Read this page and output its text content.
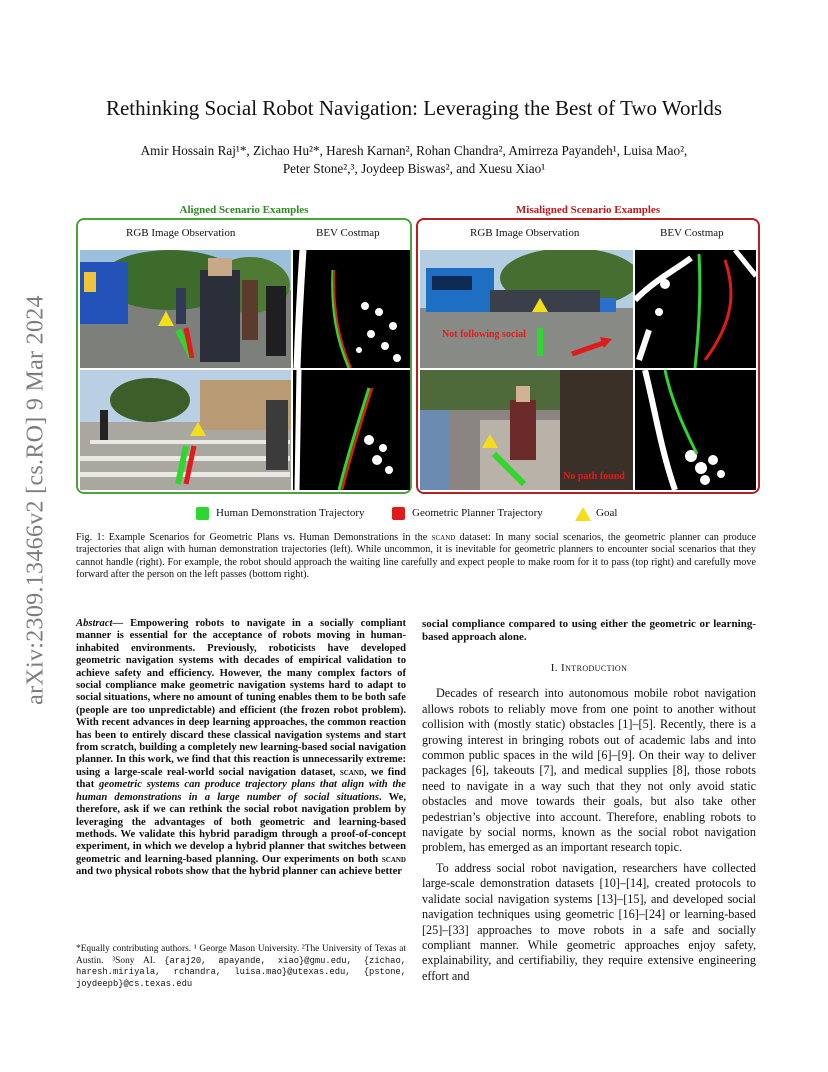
arXiv:2309.13466v2 [cs.RO] 9 Mar 2024
Rethinking Social Robot Navigation: Leveraging the Best of Two Worlds
Amir Hossain Raj¹*, Zichao Hu²*, Haresh Karnan², Rohan Chandra², Amirreza Payandeh¹, Luisa Mao²,
Peter Stone²,³, Joydeep Biswas², and Xuesu Xiao¹
Aligned Scenario Examples	Misaligned Scenario Examples
RGB Image Observation	BEV Costmap	RGB Image Observation	BEV Costmap
Not following social
No path found
Human Demonstration Trajectory	Geometric Planner Trajectory	Goal
Fig. 1: Example Scenarios for Geometric Plans vs. Human Demonstrations in the scand dataset: In many social scenarios, the geometric planner can produce trajectories that align with human demonstration trajectories (left). While uncommon, it is inevitable for geometric planners to encounter social scenarios that they cannot handle (right). For example, the robot should approach the waiting line carefully and expect people to make room for it to pass (top right) and carefully move forward after the person on the left passes (bottom right).
Abstract— Empowering robots to navigate in a socially compliant manner is essential for the acceptance of robots moving in human-inhabited environments. Previously, roboticists have developed geometric navigation systems with decades of empirical validation to achieve safety and efficiency. However, the many complex factors of social compliance make geometric navigation systems hard to adapt to social situations, where no amount of tuning enables them to be both safe (people are too unpredictable) and efficient (the frozen robot problem). With recent advances in deep learning approaches, the common reaction has been to entirely discard these classical navigation systems and start from scratch, building a completely new learning-based social navigation planner. In this work, we find that this reaction is unnecessarily extreme: using a large-scale real-world social navigation dataset, scand, we find that geometric systems can produce trajectory plans that align with the human demonstrations in a large number of social situations. We, therefore, ask if we can rethink the social robot navigation problem by leveraging the advantages of both geometric and learning-based methods. We validate this hybrid paradigm through a proof-of-concept experiment, in which we develop a hybrid planner that switches between geometric and learning-based planning. Our experiments on both scand and two physical robots show that the hybrid planner can achieve better
*Equally contributing authors. ¹ George Mason University. ²The University of Texas at Austin. ³Sony AI. {araj20, apayande, xiao}@gmu.edu, {zichao, haresh.miriyala, rchandra, luisa.mao}@utexas.edu, {pstone, joydeepb}@cs.texas.edu

social compliance compared to using either the geometric or learning-based approach alone.

I. Introduction

Decades of research into autonomous mobile robot navigation allows robots to reliably move from one point to another without collision with (mostly static) obstacles [1]–[5]. Recently, there is a growing interest in bringing robots out of academic labs and into common public spaces in the wild [6]–[9]. On their way to deliver packages [6], takeouts [7], and medical supplies [8], those robots need to navigate in a way such that they not only avoid static obstacles and move towards their goals, but also take other pedestrian’s objective into account. Therefore, enabling robots to navigate by social norms, known as the social robot navigation problem, has emerged as an important research topic.

To address social robot navigation, researchers have collected large-scale demonstration datasets [10]–[14], created protocols to validate social navigation systems [13]–[15], and developed social navigation techniques using geometric [16]–[24] or learning-based [25]–[33] approaches to move robots in a safe and socially compliant manner. While geometric approaches enjoy safety, explainability, and certifiabiliy, they require extensive engineering effort and
